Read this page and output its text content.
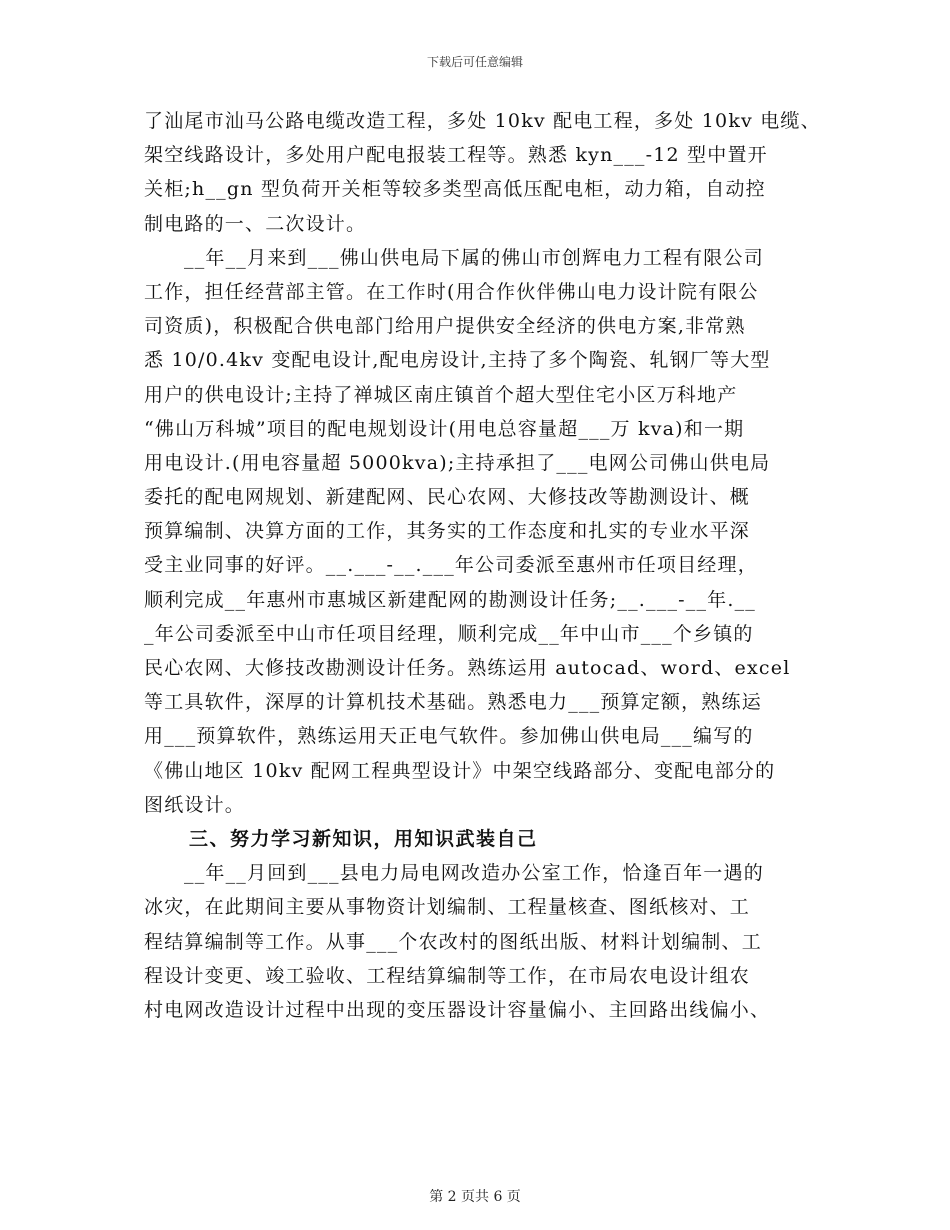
下载后可任意编辑
了汕尾市汕马公路电缆改造工程，多处 10kv 配电工程，多处 10kv 电缆、
架空线路设计，多处用户配电报装工程等。熟悉 kyn___-12 型中置开
关柜;h__gn 型负荷开关柜等较多类型高低压配电柜，动力箱，自动控
制电路的一、二次设计。
__年__月来到___佛山供电局下属的佛山市创辉电力工程有限公司
工作，担任经营部主管。在工作时(用合作伙伴佛山电力设计院有限公
司资质)，积极配合供电部门给用户提供安全经济的供电方案,非常熟
悉 10/0.4kv 变配电设计,配电房设计,主持了多个陶瓷、轧钢厂等大型
用户的供电设计;主持了禅城区南庄镇首个超大型住宅小区万科地产
“佛山万科城”项目的配电规划设计(用电总容量超___万 kva)和一期
用电设计.(用电容量超 5000kva);主持承担了___电网公司佛山供电局
委托的配电网规划、新建配网、民心农网、大修技改等勘测设计、概
预算编制、决算方面的工作，其务实的工作态度和扎实的专业水平深
受主业同事的好评。__.___-__.___年公司委派至惠州市任项目经理，
顺利完成__年惠州市惠城区新建配网的勘测设计任务;__.___-__年.__
_年公司委派至中山市任项目经理，顺利完成__年中山市___个乡镇的
民心农网、大修技改勘测设计任务。熟练运用 autocad、word、excel
等工具软件，深厚的计算机技术基础。熟悉电力___预算定额，熟练运
用___预算软件，熟练运用天正电气软件。参加佛山供电局___编写的
《佛山地区 10kv 配网工程典型设计》中架空线路部分、变配电部分的
图纸设计。
三、努力学习新知识，用知识武装自己
__年__月回到___县电力局电网改造办公室工作，恰逢百年一遇的
冰灾，在此期间主要从事物资计划编制、工程量核查、图纸核对、工
程结算编制等工作。从事___个农改村的图纸出版、材料计划编制、工
程设计变更、竣工验收、工程结算编制等工作，在市局农电设计组农
村电网改造设计过程中出现的变压器设计容量偏小、主回路出线偏小、
第 2 页共 6 页
